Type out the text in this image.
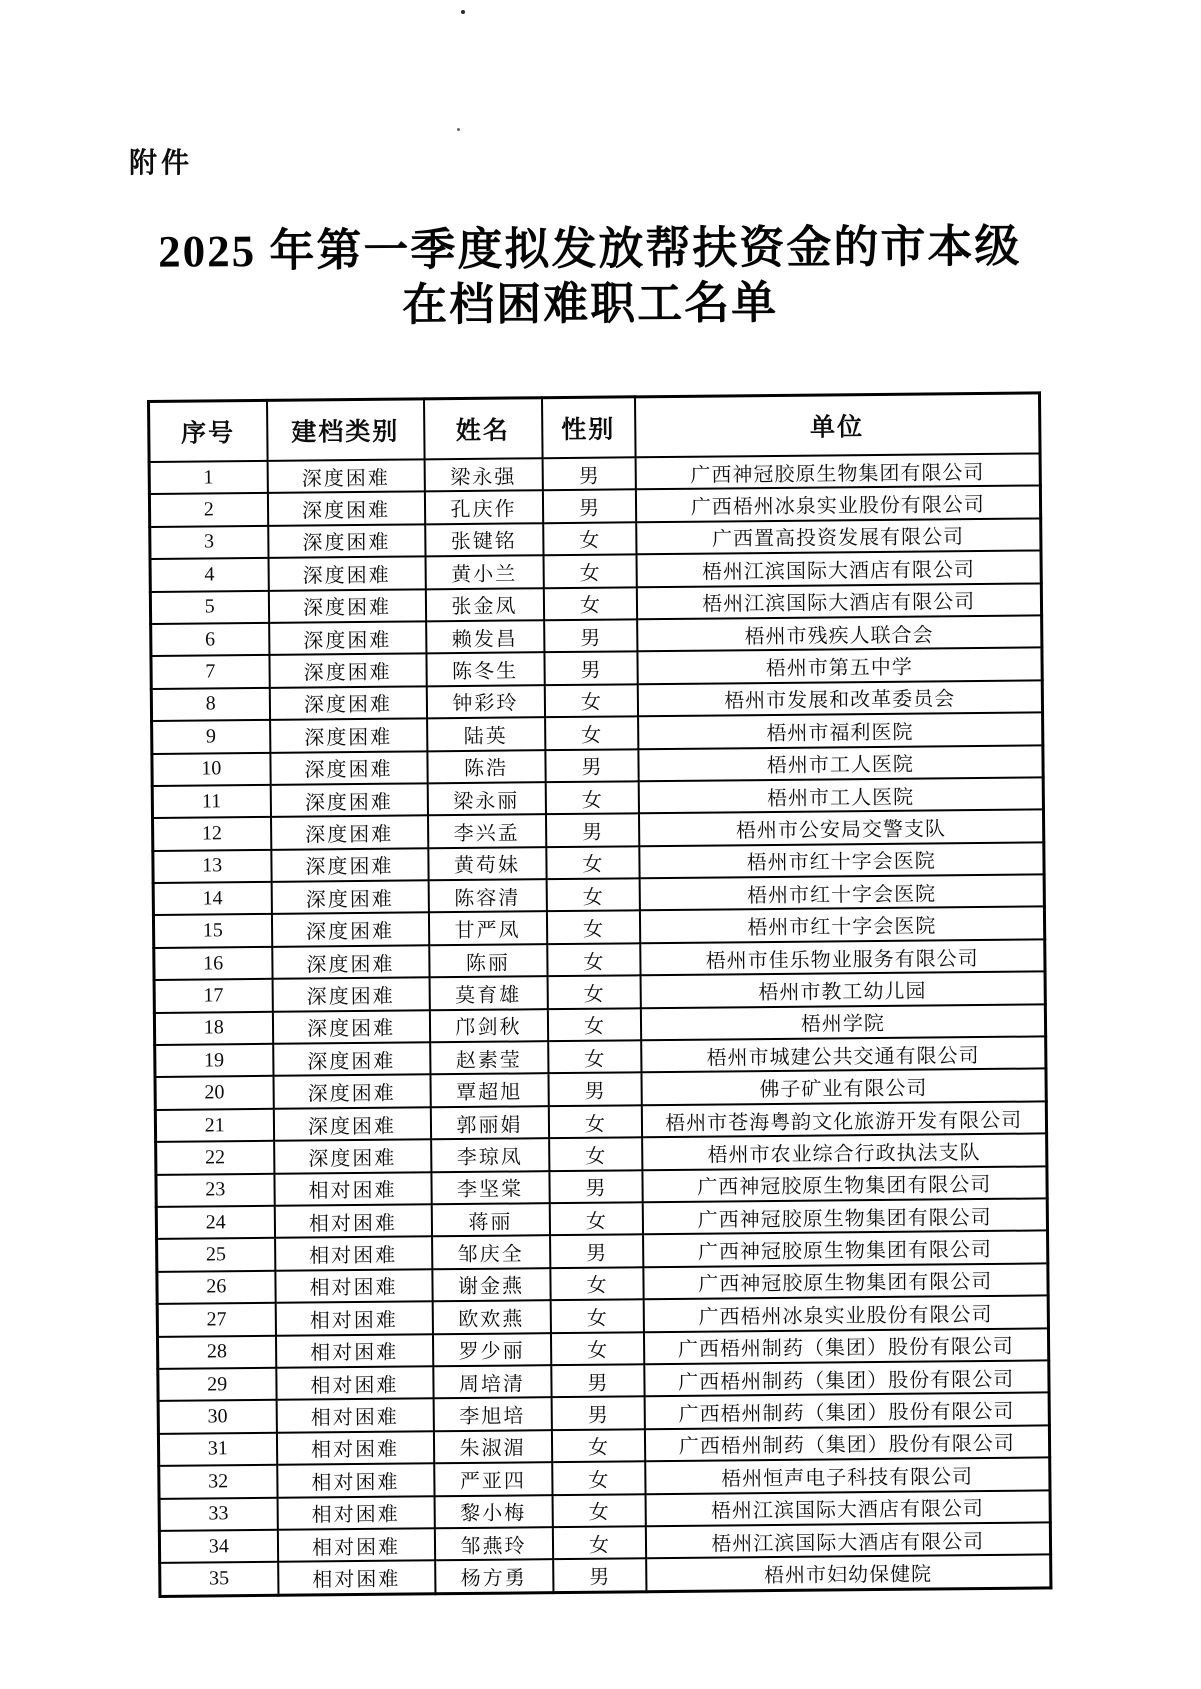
附件
2025 年第一季度拟发放帮扶资金的市本级
在档困难职工名单
序号	建档类别	姓名	性别	单位
1	深度困难	梁永强	男	广西神冠胶原生物集团有限公司
2	深度困难	孔庆作	男	广西梧州冰泉实业股份有限公司
3	深度困难	张键铭	女	广西置高投资发展有限公司
4	深度困难	黄小兰	女	梧州江滨国际大酒店有限公司
5	深度困难	张金凤	女	梧州江滨国际大酒店有限公司
6	深度困难	赖发昌	男	梧州市残疾人联合会
7	深度困难	陈冬生	男	梧州市第五中学
8	深度困难	钟彩玲	女	梧州市发展和改革委员会
9	深度困难	陆英	女	梧州市福利医院
10	深度困难	陈浩	男	梧州市工人医院
11	深度困难	梁永丽	女	梧州市工人医院
12	深度困难	李兴孟	男	梧州市公安局交警支队
13	深度困难	黄苟妹	女	梧州市红十字会医院
14	深度困难	陈容清	女	梧州市红十字会医院
15	深度困难	甘严凤	女	梧州市红十字会医院
16	深度困难	陈丽	女	梧州市佳乐物业服务有限公司
17	深度困难	莫育雄	女	梧州市教工幼儿园
18	深度困难	邝剑秋	女	梧州学院
19	深度困难	赵素莹	女	梧州市城建公共交通有限公司
20	深度困难	覃超旭	男	佛子矿业有限公司
21	深度困难	郭丽娟	女	梧州市苍海粤韵文化旅游开发有限公司
22	深度困难	李琼凤	女	梧州市农业综合行政执法支队
23	相对困难	李坚棠	男	广西神冠胶原生物集团有限公司
24	相对困难	蒋丽	女	广西神冠胶原生物集团有限公司
25	相对困难	邹庆全	男	广西神冠胶原生物集团有限公司
26	相对困难	谢金燕	女	广西神冠胶原生物集团有限公司
27	相对困难	欧欢燕	女	广西梧州冰泉实业股份有限公司
28	相对困难	罗少丽	女	广西梧州制药（集团）股份有限公司
29	相对困难	周培清	男	广西梧州制药（集团）股份有限公司
30	相对困难	李旭培	男	广西梧州制药（集团）股份有限公司
31	相对困难	朱淑湄	女	广西梧州制药（集团）股份有限公司
32	相对困难	严亚四	女	梧州恒声电子科技有限公司
33	相对困难	黎小梅	女	梧州江滨国际大酒店有限公司
34	相对困难	邹燕玲	女	梧州江滨国际大酒店有限公司
35	相对困难	杨方勇	男	梧州市妇幼保健院
